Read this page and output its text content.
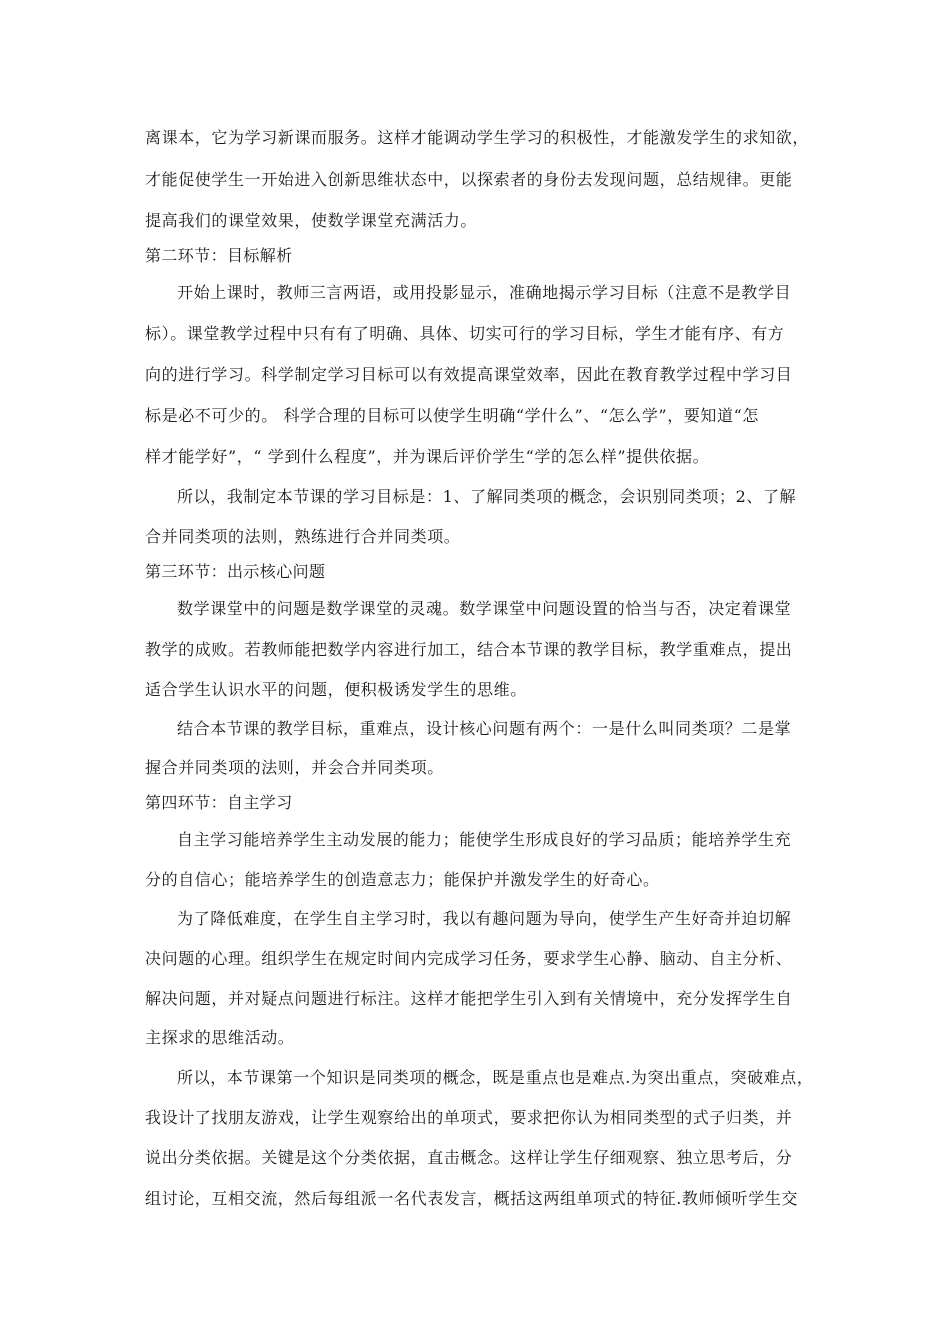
离课本，它为学习新课而服务。这样才能调动学生学习的积极性，才能激发学生的求知欲，
才能促使学生一开始进入创新思维状态中，以探索者的身份去发现问题，总结规律。更能
提高我们的课堂效果，使数学课堂充满活力。
第二环节：目标解析
开始上课时，教师三言两语，或用投影显示，准确地揭示学习目标（注意不是教学目
标）。课堂教学过程中只有有了明确、具体、切实可行的学习目标，学生才能有序、有方
向的进行学习。科学制定学习目标可以有效提高课堂效率，因此在教育教学过程中学习目
标是必不可少的。 科学合理的目标可以使学生明确“学什么”、“怎么学”，要知道“怎
样才能学好”，“ 学到什么程度”，并为课后评价学生“学的怎么样”提供依据。
所以，我制定本节课的学习目标是：1、了解同类项的概念，会识别同类项；2、了解
合并同类项的法则，熟练进行合并同类项。
第三环节：出示核心问题
数学课堂中的问题是数学课堂的灵魂。数学课堂中问题设置的恰当与否，决定着课堂
教学的成败。若教师能把数学内容进行加工，结合本节课的教学目标，教学重难点，提出
适合学生认识水平的问题，便积极诱发学生的思维。
结合本节课的教学目标，重难点，设计核心问题有两个：一是什么叫同类项？二是掌
握合并同类项的法则，并会合并同类项。
第四环节：自主学习
自主学习能培养学生主动发展的能力；能使学生形成良好的学习品质；能培养学生充
分的自信心；能培养学生的创造意志力；能保护并激发学生的好奇心。
为了降低难度，在学生自主学习时，我以有趣问题为导向，使学生产生好奇并迫切解
决问题的心理。组织学生在规定时间内完成学习任务，要求学生心静、脑动、自主分析、
解决问题，并对疑点问题进行标注。这样才能把学生引入到有关情境中，充分发挥学生自
主探求的思维活动。
所以，本节课第一个知识是同类项的概念，既是重点也是难点.为突出重点，突破难点，
我设计了找朋友游戏，让学生观察给出的单项式，要求把你认为相同类型的式子归类，并
说出分类依据。关键是这个分类依据，直击概念。这样让学生仔细观察、独立思考后，分
组讨论，互相交流，然后每组派一名代表发言，概括这两组单项式的特征.教师倾听学生交
